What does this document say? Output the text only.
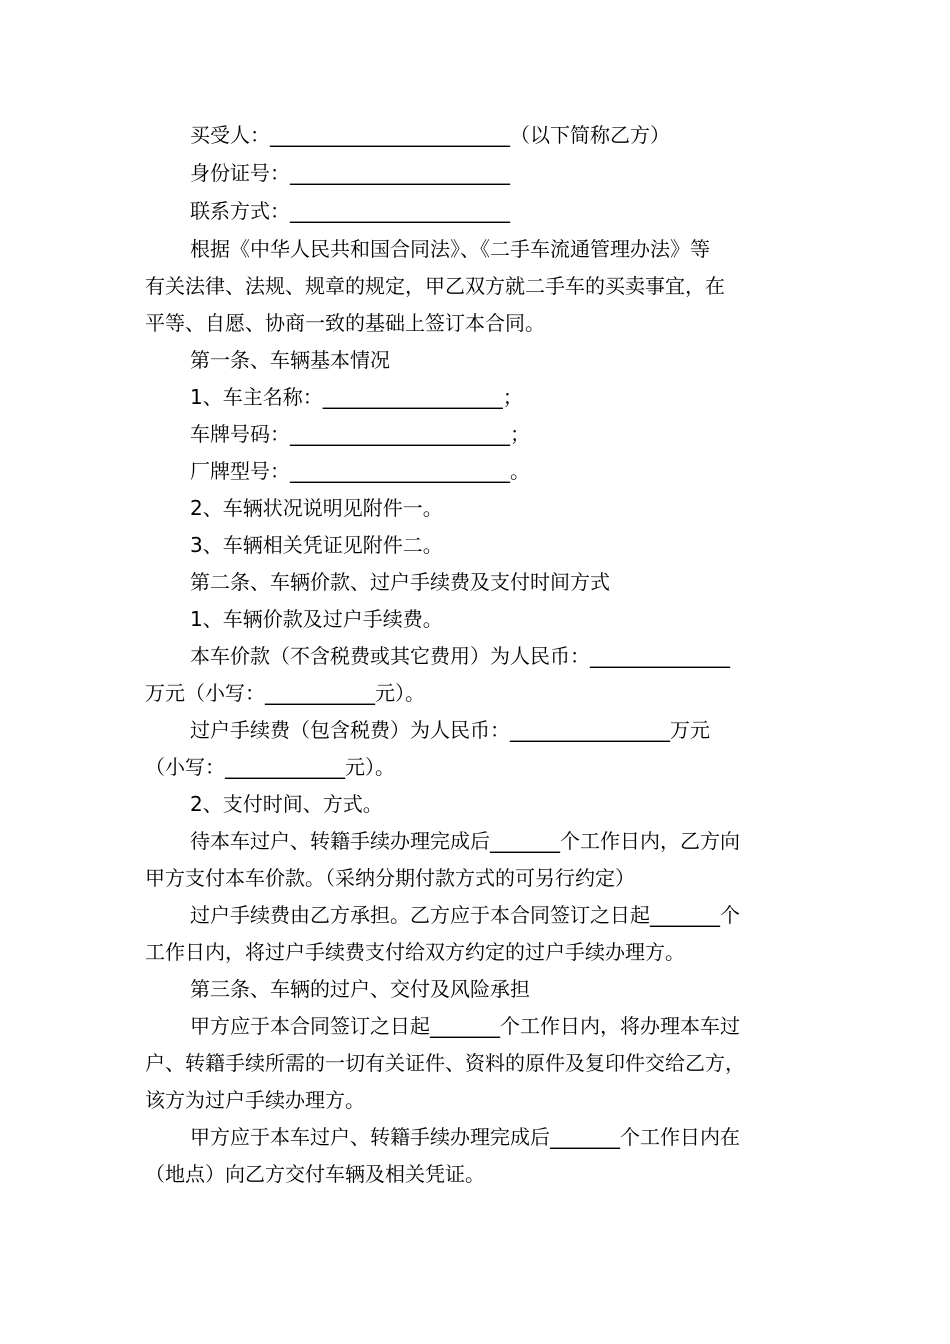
买受人：________________________（以下简称乙方）
身份证号：______________________
联系方式：______________________
根据《中华人民共和国合同法》、《二手车流通管理办法》等
有关法律、法规、规章的规定，甲乙双方就二手车的买卖事宜，在
平等、自愿、协商一致的基础上签订本合同。
第一条、车辆基本情况
1、车主名称：__________________；
车牌号码：______________________；
厂牌型号：______________________。
2、车辆状况说明见附件一。
3、车辆相关凭证见附件二。
第二条、车辆价款、过户手续费及支付时间方式
1、车辆价款及过户手续费。
本车价款（不含税费或其它费用）为人民币：______________
万元（小写：___________元）。
过户手续费（包含税费）为人民币：________________万元
（小写：____________元）。
2、支付时间、方式。
待本车过户、转籍手续办理完成后_______个工作日内，乙方向
甲方支付本车价款。（采纳分期付款方式的可另行约定）
过户手续费由乙方承担。乙方应于本合同签订之日起_______个
工作日内，将过户手续费支付给双方约定的过户手续办理方。
第三条、车辆的过户、交付及风险承担
甲方应于本合同签订之日起_______个工作日内，将办理本车过
户、转籍手续所需的一切有关证件、资料的原件及复印件交给乙方，
该方为过户手续办理方。
甲方应于本车过户、转籍手续办理完成后_______个工作日内在
（地点）向乙方交付车辆及相关凭证。
